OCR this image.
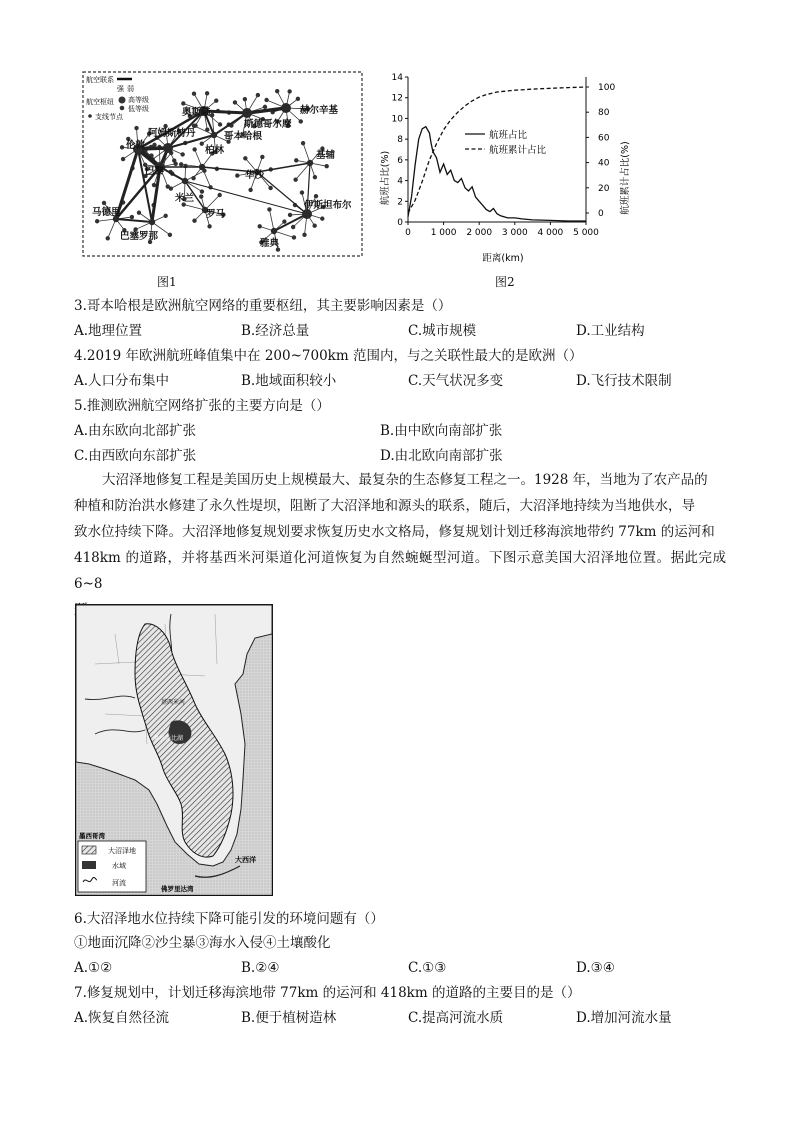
航空联系
强 弱
航空枢纽 高等级
低等级
支线节点	奥斯陆
斯德哥尔摩
赫尔辛基
阿姆斯特丹	哥本哈根
伦敦	柏林
巴黎	华沙
基辅
米兰
马德里	罗马
巴塞罗那
伊斯坦布尔
雅典
图1
0 1 000 2 000 3 000 4 000 5 000
0
2
4
6
8
10
12
14
0
20
40
60
80
100
航班占比(%)	航班累计占比(%)
距离(km)
航班占比
航班累计占比
图2
3.哥本哈根是欧洲航空网络的重要枢纽，其主要影响因素是（）
A.地理位置	B.经济总量	C.城市规模	D.工业结构
4.2019 年欧洲航班峰值集中在 200~700km 范围内，与之关联性最大的是欧洲（）
A.人口分布集中	B.地域面积较小	C.天气状况多变	D.飞行技术限制
5.推测欧洲航空网络扩张的主要方向是（）
A.由东欧向北部扩张	B.由中欧向南部扩张
C.由西欧向东部扩张	D.由北欧向南部扩张
大沼泽地修复工程是美国历史上规模最大、最复杂的生态修复工程之一。1928 年，当地为了农产品的
种植和防治洪水修建了永久性堤坝，阻断了大沼泽地和源头的联系，随后，大沼泽地持续为当地供水，导
致水位持续下降。大沼泽地修复规划要求恢复历史水文格局，修复规划计划迁移海滨地带约 77km 的运河和
418km 的道路，并将基西米河渠道化河道恢复为自然蜿蜒型河道。下图示意美国大沼泽地位置。据此完成 6~8
奥基乔比湖
基西米河
墨西哥湾
大西洋
佛罗里达湾
大沼泽地
水域
河流
6.大沼泽地水位持续下降可能引发的环境问题有（）
①地面沉降②沙尘暴③海水入侵④土壤酸化
A.①②	B.②④	C.①③	D.③④
7.修复规划中，计划迁移海滨地带 77km 的运河和 418km 的道路的主要目的是（）
A.恢复自然径流	B.便于植树造林	C.提高河流水质	D.增加河流水量
